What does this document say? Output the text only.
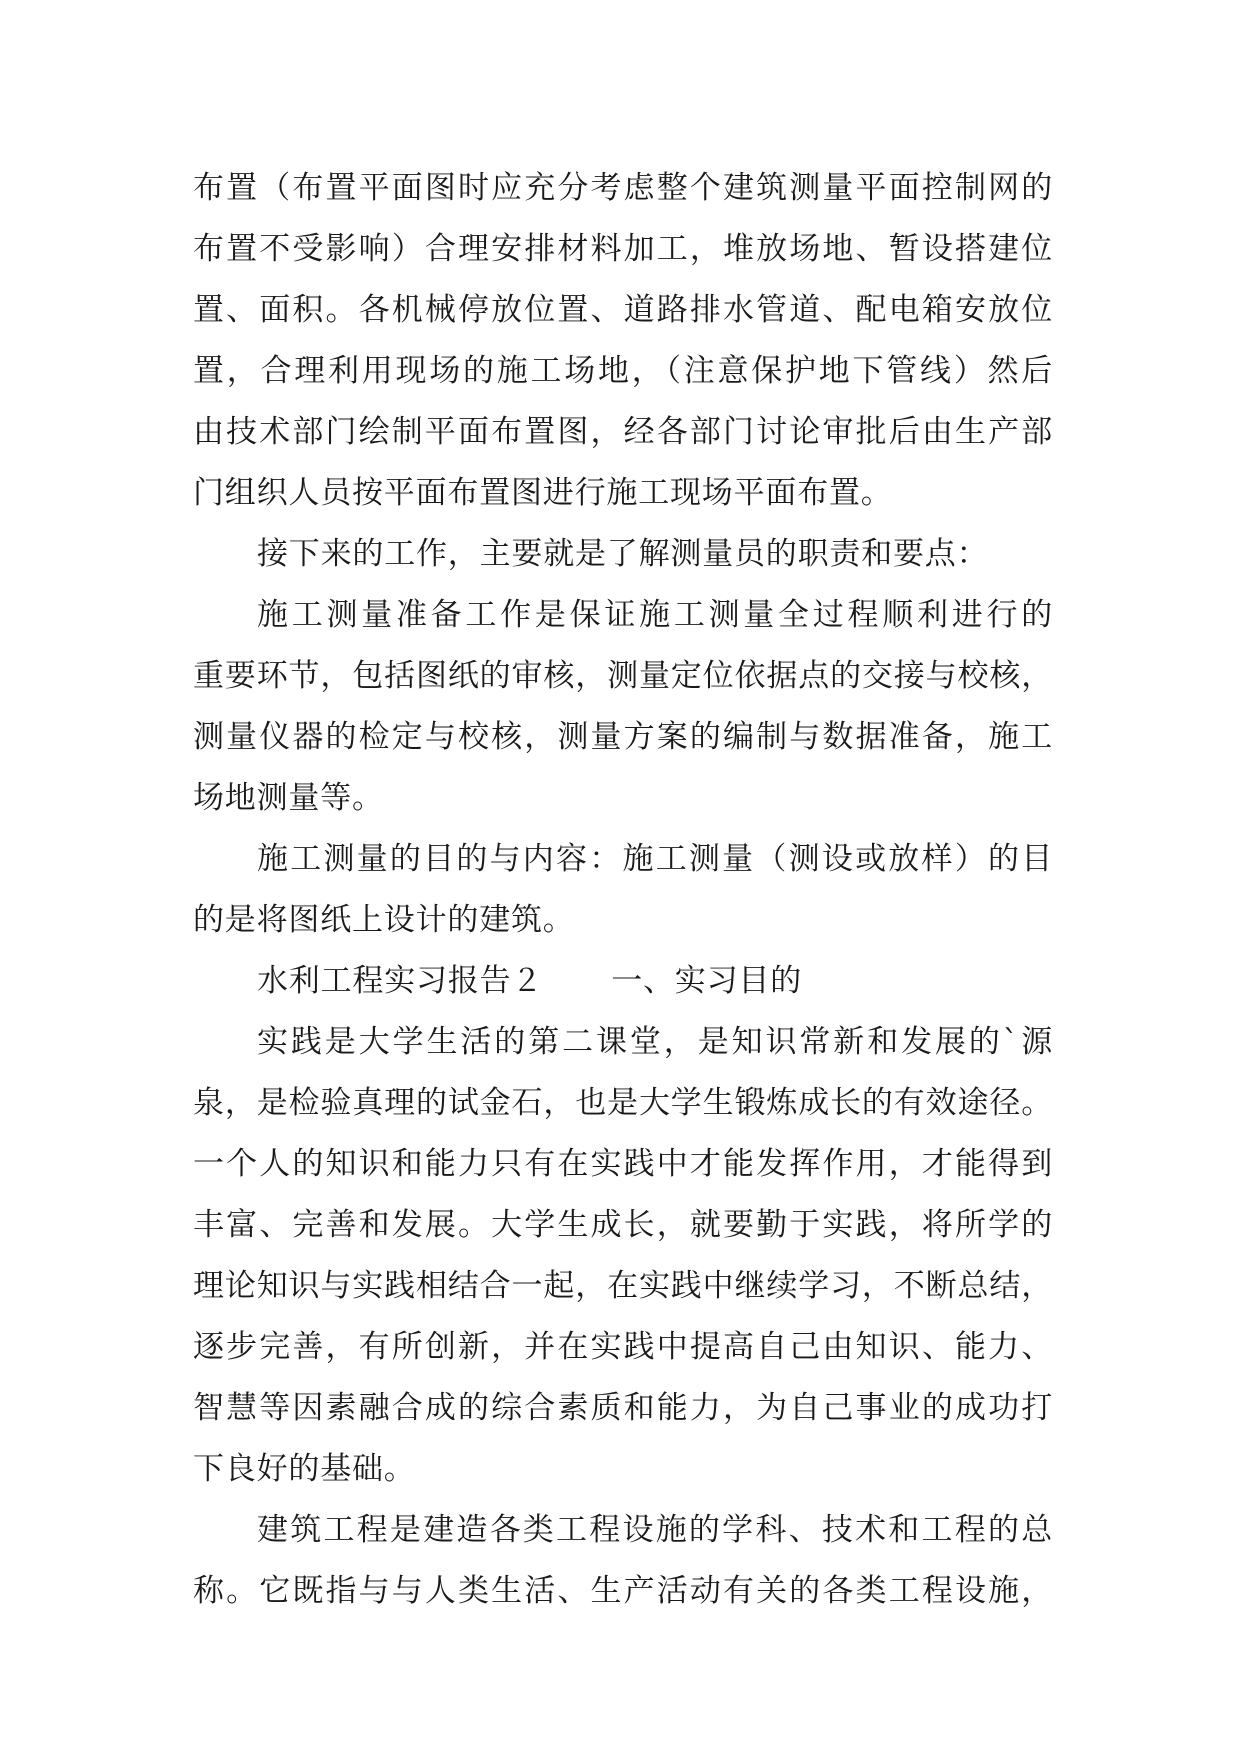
布置（布置平面图时应充分考虑整个建筑测量平面控制网的
布置不受影响）合理安排材料加工，堆放场地、暂设搭建位
置、面积。各机械停放位置、道路排水管道、配电箱安放位
置，合理利用现场的施工场地，（注意保护地下管线）然后
由技术部门绘制平面布置图，经各部门讨论审批后由生产部
门组织人员按平面布置图进行施工现场平面布置。
接下来的工作，主要就是了解测量员的职责和要点：
施工测量准备工作是保证施工测量全过程顺利进行的
重要环节，包括图纸的审核，测量定位依据点的交接与校核，
测量仪器的检定与校核，测量方案的编制与数据准备，施工
场地测量等。
施工测量的目的与内容：施工测量（测设或放样）的目
的是将图纸上设计的建筑。
水利工程实习报告２ 一、实习目的
实践是大学生活的第二课堂，是知识常新和发展的`源
泉，是检验真理的试金石，也是大学生锻炼成长的有效途径。
一个人的知识和能力只有在实践中才能发挥作用，才能得到
丰富、完善和发展。大学生成长，就要勤于实践，将所学的
理论知识与实践相结合一起，在实践中继续学习，不断总结，
逐步完善，有所创新，并在实践中提高自己由知识、能力、
智慧等因素融合成的综合素质和能力，为自己事业的成功打
下良好的基础。
建筑工程是建造各类工程设施的学科、技术和工程的总
称。它既指与与人类生活、生产活动有关的各类工程设施，
